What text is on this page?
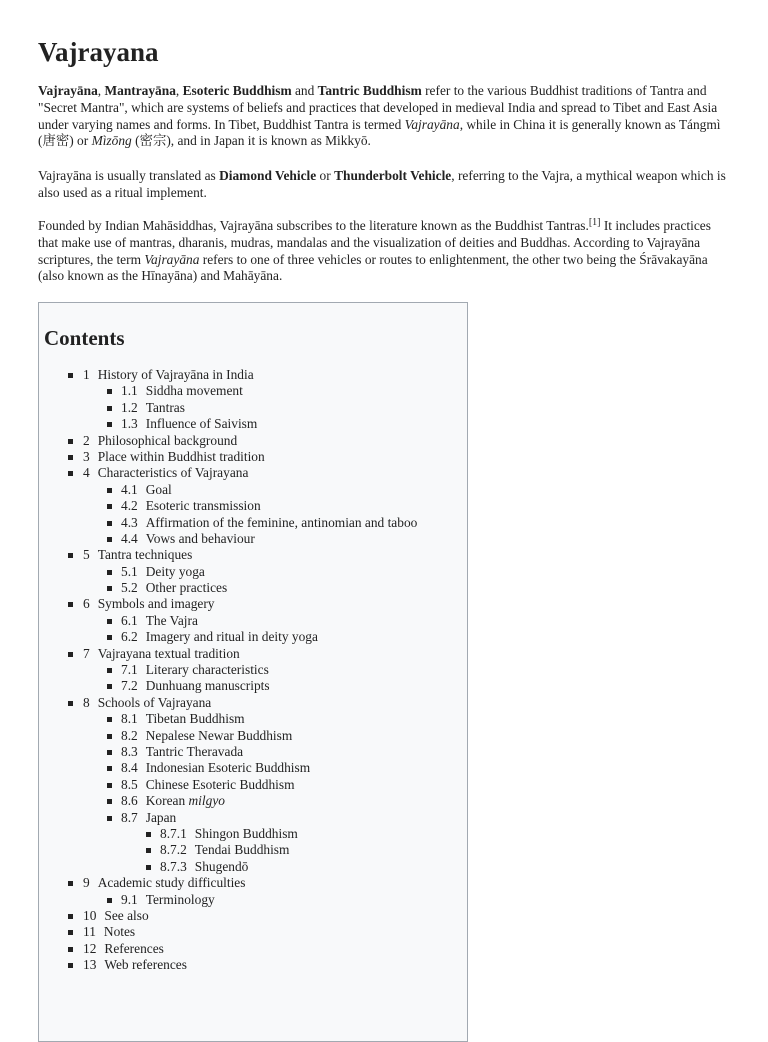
Vajrayana

Vajrayāna, Mantrayāna, Esoteric Buddhism and Tantric Buddhism refer to the various Buddhist traditions of Tantra and "Secret Mantra", which are systems of beliefs and practices that developed in medieval India and spread to Tibet and East Asia under varying names and forms. In Tibet, Buddhist Tantra is termed Vajrayāna, while in China it is generally known as Tángmì (唐密) or Mìzōng (密宗), and in Japan it is known as Mikkyō.

Vajrayāna is usually translated as Diamond Vehicle or Thunderbolt Vehicle, referring to the Vajra, a mythical weapon which is also used as a ritual implement.

Founded by Indian Mahāsiddhas, Vajrayāna subscribes to the literature known as the Buddhist Tantras.[1] It includes practices that make use of mantras, dharanis, mudras, mandalas and the visualization of deities and Buddhas. According to Vajrayāna scriptures, the term Vajrayāna refers to one of three vehicles or routes to enlightenment, the other two being the Śrāvakayāna (also known as the Hīnayāna) and Mahāyāna.

Contents
1 History of Vajrayāna in India
1.1 Siddha movement
1.2 Tantras
1.3 Influence of Saivism
2 Philosophical background
3 Place within Buddhist tradition
4 Characteristics of Vajrayana
4.1 Goal
4.2 Esoteric transmission
4.3 Affirmation of the feminine, antinomian and taboo
4.4 Vows and behaviour
5 Tantra techniques
5.1 Deity yoga
5.2 Other practices
6 Symbols and imagery
6.1 The Vajra
6.2 Imagery and ritual in deity yoga
7 Vajrayana textual tradition
7.1 Literary characteristics
7.2 Dunhuang manuscripts
8 Schools of Vajrayana
8.1 Tibetan Buddhism
8.2 Nepalese Newar Buddhism
8.3 Tantric Theravada
8.4 Indonesian Esoteric Buddhism
8.5 Chinese Esoteric Buddhism
8.6 Korean milgyo
8.7 Japan
8.7.1 Shingon Buddhism
8.7.2 Tendai Buddhism
8.7.3 Shugendō
9 Academic study difficulties
9.1 Terminology
10 See also
11 Notes
12 References
13 Web references
